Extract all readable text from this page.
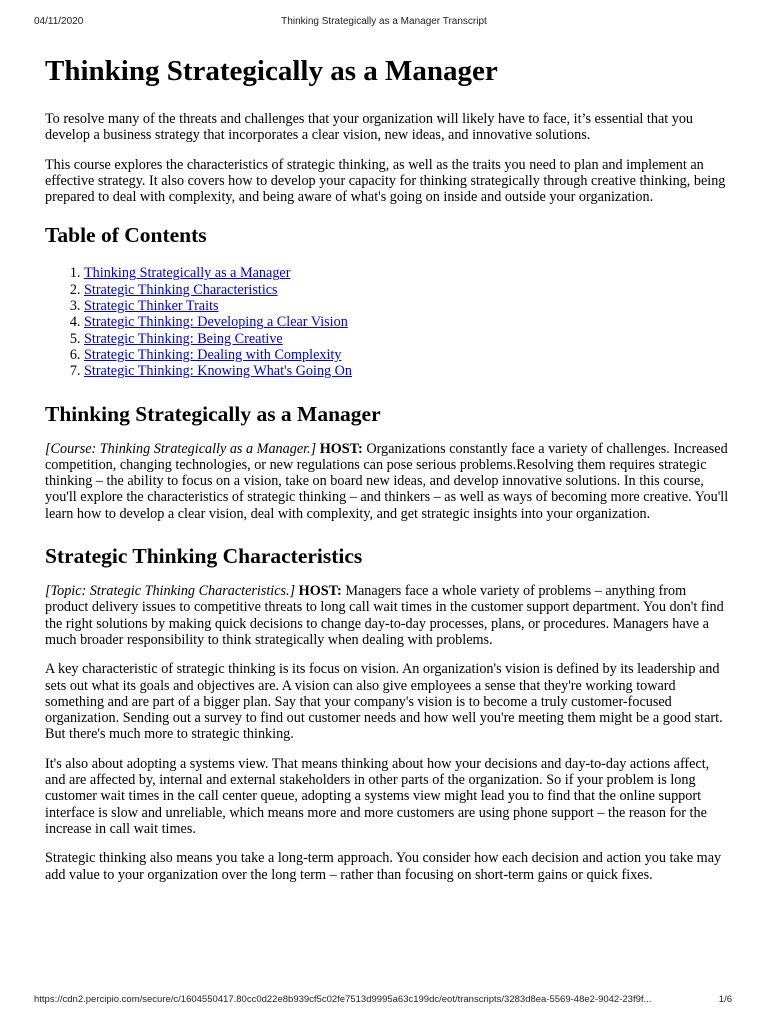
04/11/2020	Thinking Strategically as a Manager Transcript
Thinking Strategically as a Manager

To resolve many of the threats and challenges that your organization will likely have to face, it’s essential that you develop a business strategy that incorporates a clear vision, new ideas, and innovative solutions.

This course explores the characteristics of strategic thinking, as well as the traits you need to plan and implement an effective strategy. It also covers how to develop your capacity for thinking strategically through creative thinking, being prepared to deal with complexity, and being aware of what's going on inside and outside your organization.

Table of Contents
1. Thinking Strategically as a Manager
2. Strategic Thinking Characteristics
3. Strategic Thinker Traits
4. Strategic Thinking: Developing a Clear Vision
5. Strategic Thinking: Being Creative
6. Strategic Thinking: Dealing with Complexity
7. Strategic Thinking: Knowing What's Going On
Thinking Strategically as a Manager

[Course: Thinking Strategically as a Manager.] HOST: Organizations constantly face a variety of challenges. Increased competition, changing technologies, or new regulations can pose serious problems.Resolving them requires strategic thinking – the ability to focus on a vision, take on board new ideas, and develop innovative solutions. In this course, you'll explore the characteristics of strategic thinking – and thinkers – as well as ways of becoming more creative. You'll learn how to develop a clear vision, deal with complexity, and get strategic insights into your organization.

Strategic Thinking Characteristics

[Topic: Strategic Thinking Characteristics.] HOST: Managers face a whole variety of problems – anything from product delivery issues to competitive threats to long call wait times in the customer support department. You don't find the right solutions by making quick decisions to change day-to-day processes, plans, or procedures. Managers have a much broader responsibility to think strategically when dealing with problems.

A key characteristic of strategic thinking is its focus on vision. An organization's vision is defined by its leadership and sets out what its goals and objectives are. A vision can also give employees a sense that they're working toward something and are part of a bigger plan. Say that your company's vision is to become a truly customer-focused organization. Sending out a survey to find out customer needs and how well you're meeting them might be a good start. But there's much more to strategic thinking.

It's also about adopting a systems view. That means thinking about how your decisions and day-to-day actions affect, and are affected by, internal and external stakeholders in other parts of the organization. So if your problem is long customer wait times in the call center queue, adopting a systems view might lead you to find that the online support interface is slow and unreliable, which means more and more customers are using phone support – the reason for the increase in call wait times.

Strategic thinking also means you take a long-term approach. You consider how each decision and action you take may add value to your organization over the long term – rather than focusing on short-term gains or quick fixes.

https://cdn2.percipio.com/secure/c/1604550417.80cc0d22e8b939cf5c02fe7513d9995a63c199dc/eot/transcripts/3283d8ea-5569-48e2-9042-23f9f...	1/6
